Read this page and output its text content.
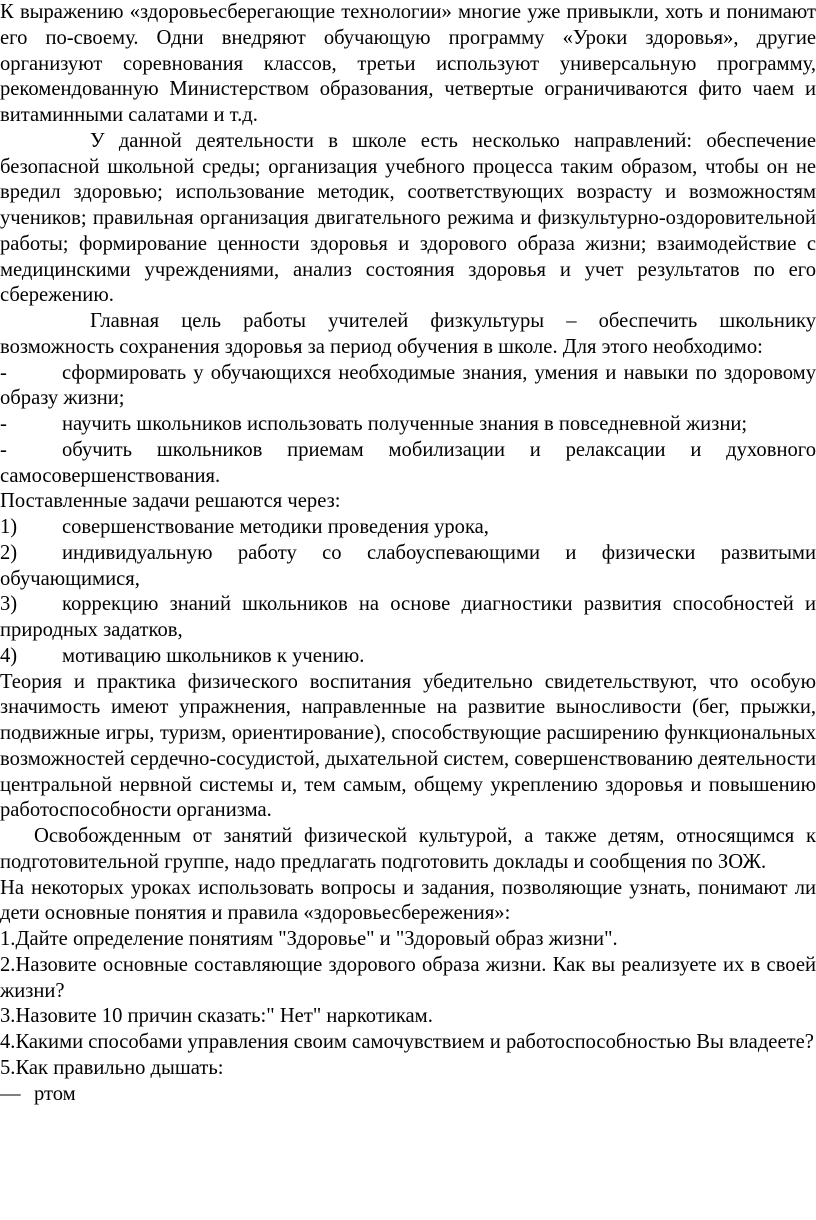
К выражению «здоровьесберегающие технологии» многие уже привыкли, хоть и понимают его по-своему. Одни внедряют обучающую программу «Уроки здоровья», другие организуют соревнования классов, третьи используют универсальную программу, рекомендованную Министерством образования, четвертые ограничиваются фито чаем и витаминными салатами и т.д.

У данной деятельности в школе есть несколько направлений: обеспечение безопасной школьной среды; организация учебного процесса таким образом, чтобы он не вредил здоровью; использование методик, соответствующих возрасту и возможностям учеников; правильная организация двигательного режима и физкультурно-оздоровительной работы; формирование ценности здоровья и здорового образа жизни; взаимодействие с медицинскими учреждениями, анализ состояния здоровья и учет результатов по его сбережению.

Главная цель работы учителей физкультуры – обеспечить школьнику возможность сохранения здоровья за период обучения в школе. Для этого необходимо:

-	сформировать у обучающихся необходимые знания, умения и навыки по здоровому образу жизни;

-	научить школьников использовать полученные знания в повседневной жизни;

-	обучить школьников приемам мобилизации и релаксации и духовного самосовершенствования.

Поставленные задачи решаются через:

1) совершенствование методики проведения урока,

2) индивидуальную работу со слабоуспевающими и физически развитыми обучающимися,

3) коррекцию знаний школьников на основе диагностики развития способностей и природных задатков,

4) мотивацию школьников к учению.

Теория и практика физического воспитания убедительно свидетельствуют, что особую значимость имеют упражнения, направленные на развитие выносливости (бег, прыжки, подвижные игры, туризм, ориентирование), способствующие расширению функциональных возможностей сердечно-сосудистой, дыхательной систем, совершенствованию деятельности центральной нервной системы и, тем самым, общему укреплению здоровья и повышению работоспособности организма.

Освобожденным от занятий физической культурой, а также детям, относящимся к подготовительной группе, надо предлагать подготовить доклады и сообщения по ЗОЖ.

На некоторых уроках использовать вопросы и задания, позволяющие узнать, понимают ли дети основные понятия и правила «здоровьесбережения»:

1.Дайте определение понятиям "Здоровье" и "Здоровый образ жизни".

2.Назовите основные составляющие здорового образа жизни. Как вы реализуете их в своей жизни?

3.Назовите 10 причин сказать:" Нет" наркотикам.

4.Какими способами управления своим самочувствием и работоспособностью Вы владеете?

5.Как правильно дышать:

— ртом
